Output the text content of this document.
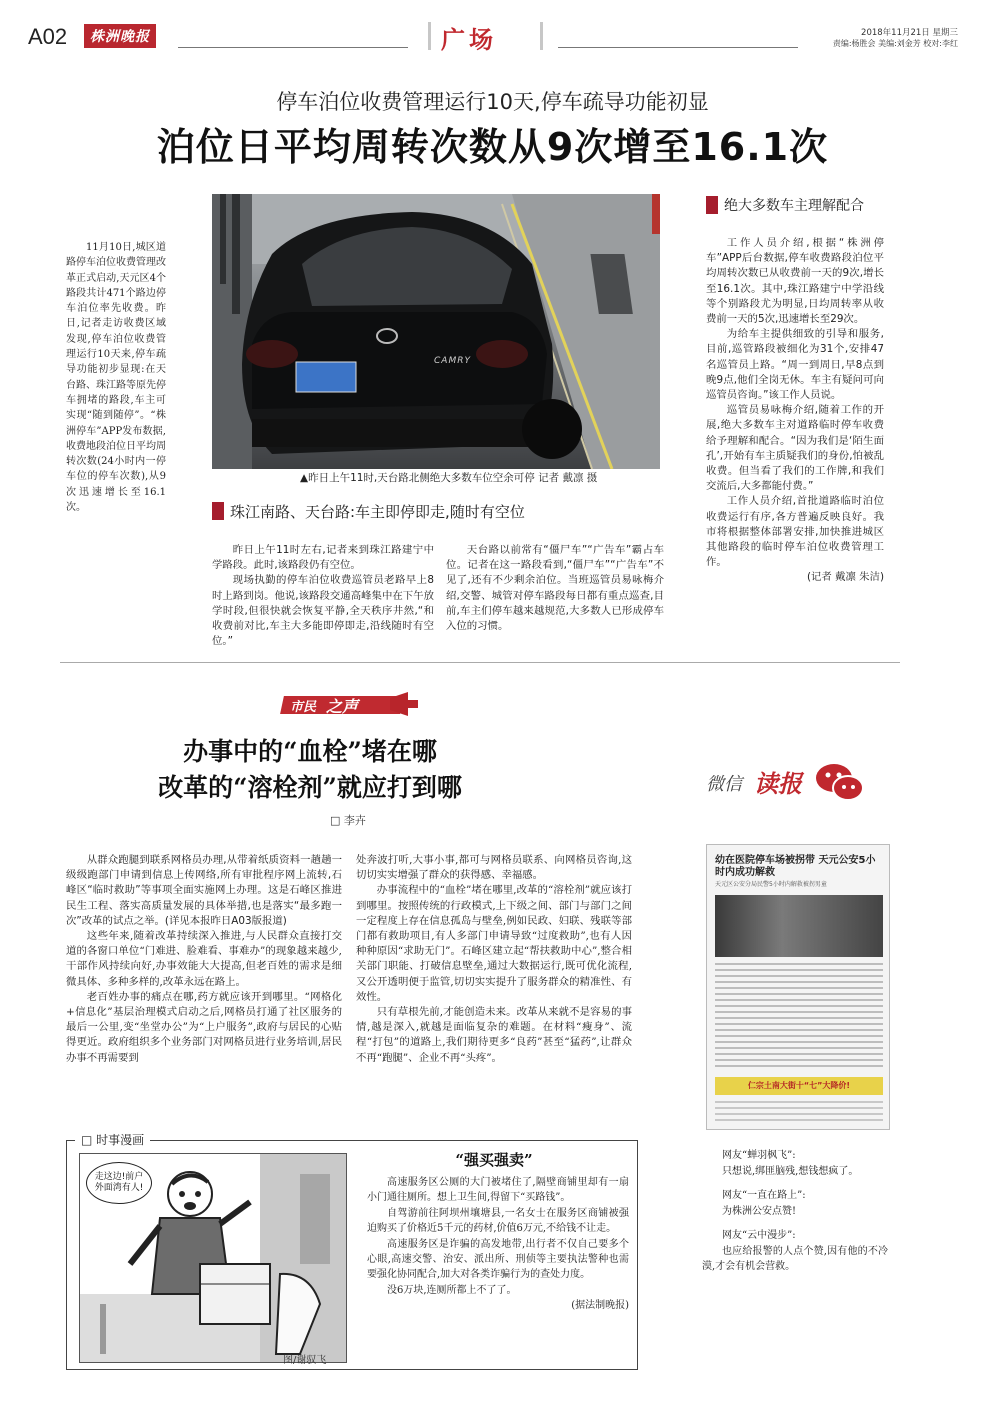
A02	株洲晚报	广场	2018年11月21日 星期三
责编:杨胜会 美编:刘金芳 校对:李红
停车泊位收费管理运行10天,停车疏导功能初显
泊位日平均周转次数从9次增至16.1次

11月10日,城区道路停车泊位收费管理改革正式启动,天元区4个路段共计471个路边停车泊位率先收费。昨日,记者走访收费区域发现,停车泊位收费管理运行10天来,停车疏导功能初步显现:在天台路、珠江路等原先停车拥堵的路段,车主可实现“随到随停”。“株洲停车”APP发布数据,收费地段泊位日平均周转次数(24小时内一停车位的停车次数),从9次迅速增长至16.1次。

CAMRY
▲昨日上午11时,天台路北侧绝大多数车位空余可停 记者 戴凛 摄
珠江南路、天台路:车主即停即走,随时有空位

昨日上午11时左右,记者来到珠江路建宁中学路段。此时,该路段仍有空位。

现场执勤的停车泊位收费巡管员老路早上8时上路到岗。他说,该路段交通高峰集中在下午放学时段,但很快就会恢复平静,全天秩序井然,“和收费前对比,车主大多能即停即走,沿线随时有空位。”

天台路以前常有“僵尸车”“广告车”霸占车位。记者在这一路段看到,“僵尸车”“广告车”不见了,还有不少剩余泊位。当班巡管员易咏梅介绍,交警、城管对停车路段每日都有重点巡查,目前,车主们停车越来越规范,大多数人已形成停车入位的习惯。

绝大多数车主理解配合

工作人员介绍,根据“株洲停车”APP后台数据,停车收费路段泊位平均周转次数已从收费前一天的9次,增长至16.1次。其中,珠江路建宁中学沿线等个别路段尤为明显,日均周转率从收费前一天的5次,迅速增长至29次。

为给车主提供细致的引导和服务,目前,巡管路段被细化为31个,安排47名巡管员上路。“周一到周日,早8点到晚9点,他们全岗无休。车主有疑问可向巡管员咨询。”该工作人员说。

巡管员易咏梅介绍,随着工作的开展,绝大多数车主对道路临时停车收费给予理解和配合。“因为我们是‘陌生面孔’,开始有车主质疑我们的身份,怕被乱收费。但当看了我们的工作牌,和我们交流后,大多都能付费。”

工作人员介绍,首批道路临时泊位收费运行有序,各方普遍反映良好。我市将根据整体部署安排,加快推进城区其他路段的临时停车泊位收费管理工作。

(记者 戴凛 朱洁)
市民 之声
办事中的“血栓”堵在哪
改革的“溶栓剂”就应打到哪
□ 李卉

从群众跑腿到联系网格员办理,从带着纸质资料一趟趟一级级跑部门申请到信息上传网络,所有审批程序网上流转,石峰区“临时救助”等事项全面实施网上办理。这是石峰区推进民生工程、落实高质量发展的具体举措,也是落实“最多跑一次”改革的试点之举。(详见本报昨日A03版报道)

这些年来,随着改革持续深入推进,与人民群众直接打交道的各窗口单位“门难进、脸难看、事难办”的现象越来越少,干部作风持续向好,办事效能大大提高,但老百姓的需求是细微具体、多种多样的,改革永远在路上。

老百姓办事的痛点在哪,药方就应该开到哪里。“网格化+信息化”基层治理模式启动之后,网格员打通了社区服务的最后一公里,变“坐堂办公”为“上户服务”,政府与居民的心贴得更近。政府组织多个业务部门对网格员进行业务培训,居民办事不再需要到

处奔波打听,大事小事,都可与网格员联系、向网格员咨询,这切切实实增强了群众的获得感、幸福感。

办事流程中的“血栓”堵在哪里,改革的“溶栓剂”就应该打到哪里。按照传统的行政模式,上下级之间、部门与部门之间一定程度上存在信息孤岛与壁垒,例如民政、妇联、残联等部门都有救助项目,有人多部门申请导致“过度救助”,也有人因种种原因“求助无门”。石峰区建立起“帮扶救助中心”,整合相关部门职能、打破信息壁垒,通过大数据运行,既可优化流程,又公开透明便于监管,切切实实提升了服务群众的精准性、有效性。

只有草根先前,才能创造未来。改革从来就不是容易的事情,越是深入,就越是面临复杂的难题。在材料“瘦身”、流程“打包”的道路上,我们期待更多“良药”甚至“猛药”,让群众不再“跑腿”、企业不再“头疼”。

□ 时事漫画
走这边!前户外面湾有人!
图/谢驭飞
“强买强卖”

高速服务区公厕的大门被堵住了,隔壁商铺里却有一扇小门通往厕所。想上卫生间,得留下“买路钱”。

自驾游前往阿坝州壤塘县,一名女士在服务区商铺被强迫购买了价格近5千元的药材,价值6万元,不给钱不让走。

高速服务区是诈骗的高发地带,出行者不仅自己要多个心眼,高速交警、治安、派出所、刑侦等主要执法警种也需要强化协同配合,加大对各类诈骗行为的查处力度。

没6万块,连厕所都上不了了。

(据法制晚报)
微信 读报
幼在医院停车场被拐带 天元公安5小时内成功解救
天元区公安分局民警5小时内解救被拐男童
仁宗土南大街十“七”大降价!
网友“蝉羽枫飞”:
只想说,绑匪脑残,想钱想疯了。
网友“一直在路上”:
为株洲公安点赞!
网友“云中漫步”:
也应给报警的人点个赞,因有他的不冷漠,才会有机会营救。
